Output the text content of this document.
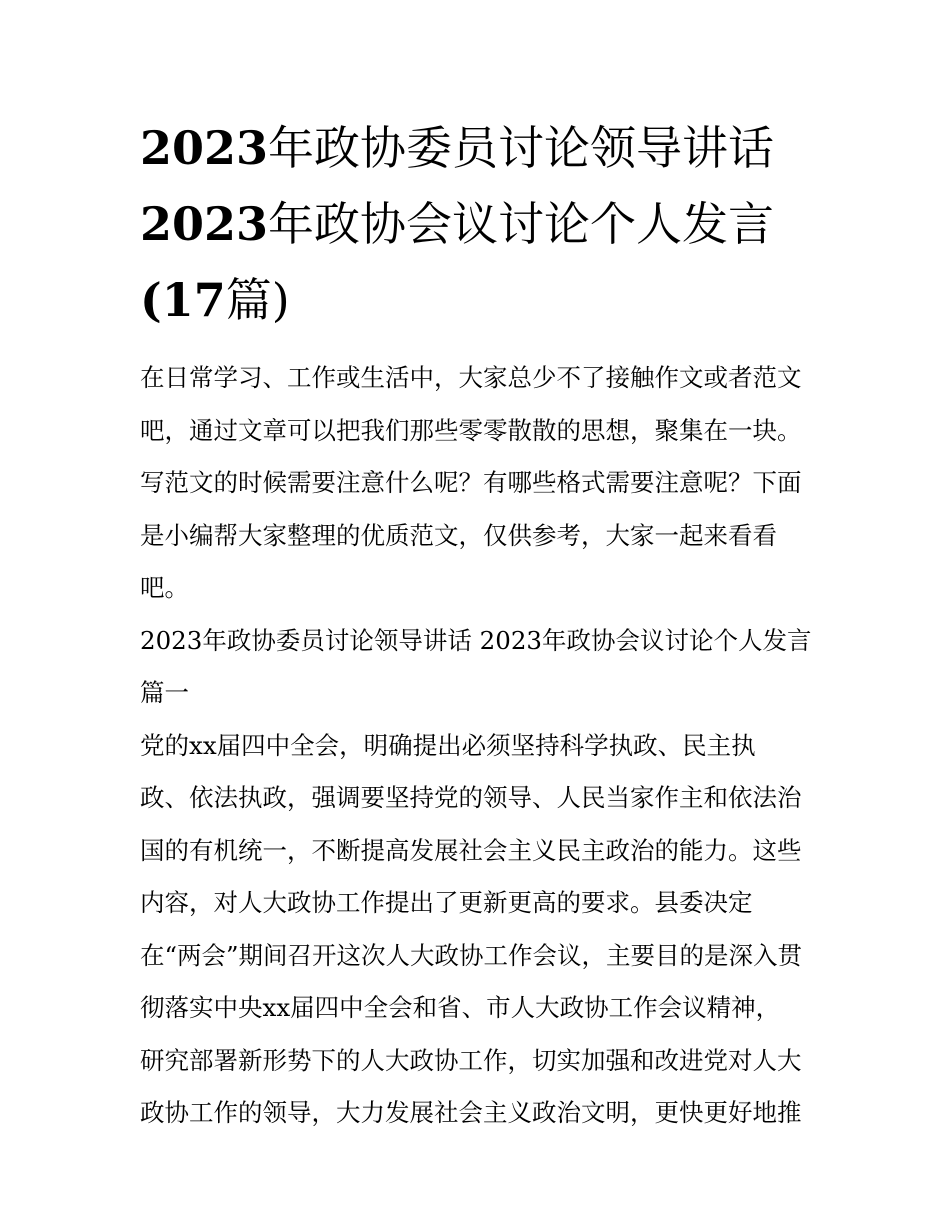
2023年政协委员讨论领导讲话
2023年政协会议讨论个人发言
(17篇)
在日常学习、工作或生活中，大家总少不了接触作文或者范文
吧，通过文章可以把我们那些零零散散的思想，聚集在一块。
写范文的时候需要注意什么呢？有哪些格式需要注意呢？下面
是小编帮大家整理的优质范文，仅供参考，大家一起来看看
吧。
2023年政协委员讨论领导讲话 2023年政协会议讨论个人发言
篇一
党的xx届四中全会，明确提出必须坚持科学执政、民主执
政、依法执政，强调要坚持党的领导、人民当家作主和依法治
国的有机统一，不断提高发展社会主义民主政治的能力。这些
内容，对人大政协工作提出了更新更高的要求。县委决定
在“两会”期间召开这次人大政协工作会议，主要目的是深入贯
彻落实中央xx届四中全会和省、市人大政协工作会议精神，
研究部署新形势下的人大政协工作，切实加强和改进党对人大
政协工作的领导，大力发展社会主义政治文明，更快更好地推
